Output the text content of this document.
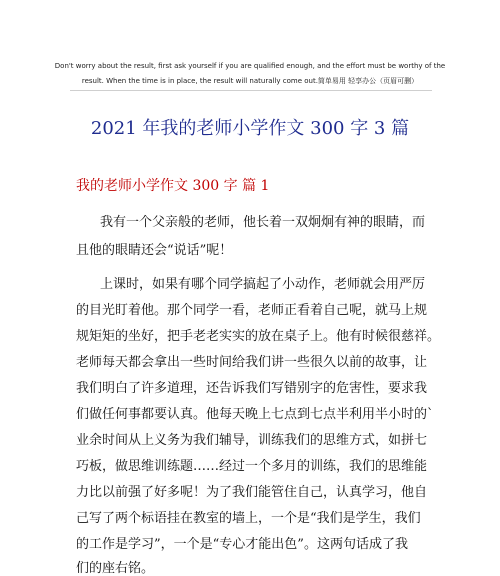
Don't worry about the result, first ask yourself if you are qualified enough, and the effort must be worthy of the
result. When the time is in place, the result will naturally come out.简单易用 轻享办公（页眉可删）
2021 年我的老师小学作文 300 字 3 篇
我的老师小学作文 300 字 篇 1
我有一个父亲般的老师，他长着一双炯炯有神的眼睛，而
且他的眼睛还会“说话”呢！
上课时，如果有哪个同学搞起了小动作，老师就会用严厉
的目光盯着他。那个同学一看，老师正看着自己呢，就马上规
规矩矩的坐好，把手老老实实的放在桌子上。他有时候很慈祥。
老师每天都会拿出一些时间给我们讲一些很久以前的故事，让
我们明白了许多道理，还告诉我们写错别字的危害性，要求我
们做任何事都要认真。他每天晚上七点到七点半利用半小时的`
业余时间从上义务为我们辅导，训练我们的思维方式，如拼七
巧板，做思维训练题……经过一个多月的训练，我们的思维能
力比以前强了好多呢！为了我们能管住自己，认真学习，他自
己写了两个标语挂在教室的墙上，一个是“我们是学生，我们
的工作是学习”，一个是“专心才能出色”。这两句话成了我
们的座右铭。
